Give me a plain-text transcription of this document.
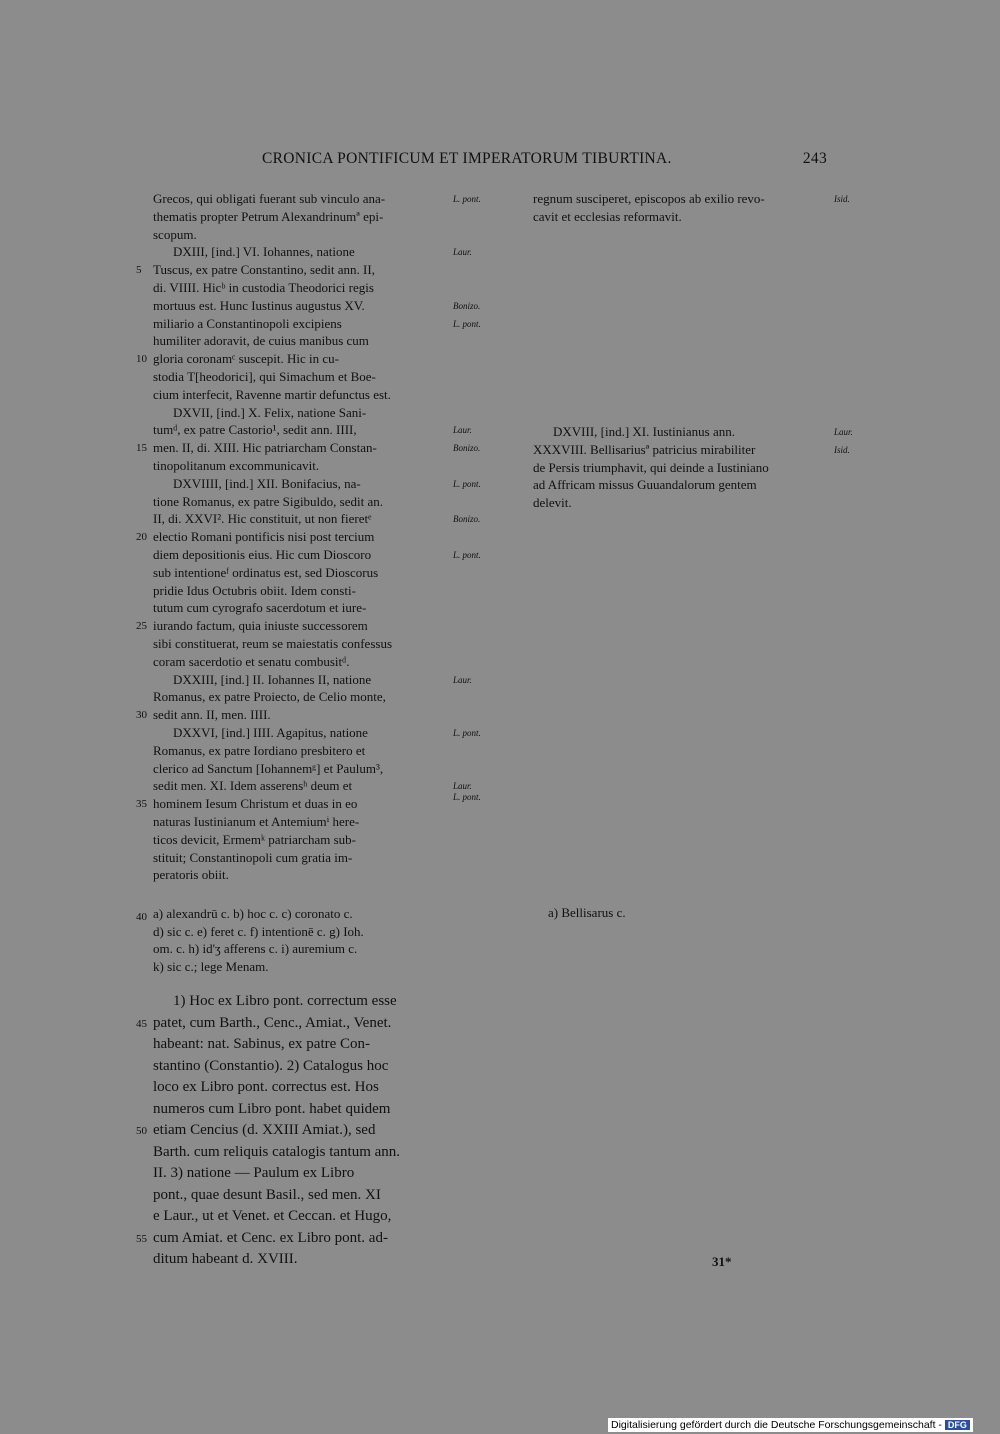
CRONICA PONTIFICUM ET IMPERATORUM TIBURTINA.	243
Grecos, qui obligati fuerant sub vinculo ana-
thematis propter Petrum Alexandrinumª epi-
scopum.
DXIII, [ind.] VI. Iohannes, natione
Tuscus, ex patre Constantino, sedit ann. II,
di. VIIII. Hicᵇ in custodia Theodorici regis
mortuus est. Hunc Iustinus augustus XV.
miliario a Constantinopoli excipiens
humiliter adoravit, de cuius manibus cum
gloria coronamᶜ suscepit. Hic in cu-
stodia T[heodorici], qui Simachum et Boe-
cium interfecit, Ravenne martir defunctus est.
DXVII, [ind.] X. Felix, natione Sani-
tumᵈ, ex patre Castorio¹, sedit ann. IIII,
men. II, di. XIII. Hic patriarcham Constan-
tinopolitanum excommunicavit.
DXVIIII, [ind.] XII. Bonifacius, na-
tione Romanus, ex patre Sigibuldo, sedit an.
II, di. XXVI². Hic constituit, ut non fieretᵉ
electio Romani pontificis nisi post tercium
diem depositionis eius. Hic cum Dioscoro
sub intentioneᶠ ordinatus est, sed Dioscorus
pridie Idus Octubris obiit. Idem consti-
tutum cum cyrografo sacerdotum et iure-
iurando factum, quia iniuste successorem
sibi constituerat, reum se maiestatis confessus
coram sacerdotio et senatu combusitᵈ.
DXXIII, [ind.] II. Iohannes II, natione
Romanus, ex patre Proiecto, de Celio monte,
sedit ann. II, men. IIII.
DXXVI, [ind.] IIII. Agapitus, natione
Romanus, ex patre Iordiano presbitero et
clerico ad Sanctum [Iohannemᵍ] et Paulum³,
sedit men. XI. Idem asserensʰ deum et
hominem Iesum Christum et duas in eo
naturas Iustinianum et Antemiumⁱ here-
ticos devicit, Ermemᵏ patriarcham sub-
stituit; Constantinopoli cum gratia im-
peratoris obiit.
5
10
15
20
25
30
35
40
45
50
55
L. pont.
Laur.
Bonizo.
L. pont.
Laur.
Bonizo.
L. pont.
Bonizo.
L. pont.
Laur.
L. pont.
Laur.
L. pont.
regnum susciperet, episcopos ab exilio revo-
cavit et ecclesias reformavit.
DXVIII, [ind.] XI. Iustinianus ann.
XXXVIII. Bellisariusª patricius mirabiliter
de Persis triumphavit, qui deinde a Iustiniano
ad Affricam missus Guuandalorum gentem
delevit.
Isid.
Laur.
Isid.
a) alexandrū c. b) hoc c. c) coronato c.
d) sic c. e) feret c. f) intentionē c. g) Ioh.
om. c. h) id'ʒ afferens c. i) auremium c.
k) sic c.; lege Menam.
a) Bellisarus c.
1) Hoc ex Libro pont. correctum esse
patet, cum Barth., Cenc., Amiat., Venet.
habeant: nat. Sabinus, ex patre Con-
stantino (Constantio). 2) Catalogus hoc
loco ex Libro pont. correctus est. Hos
numeros cum Libro pont. habet quidem
etiam Cencius (d. XXIII Amiat.), sed
Barth. cum reliquis catalogis tantum ann.
II. 3) natione — Paulum ex Libro
pont., quae desunt Basil., sed men. XI
e Laur., ut et Venet. et Ceccan. et Hugo,
cum Amiat. et Cenc. ex Libro pont. ad-
ditum habeant d. XVIII.	31*
Digitalisierung gefördert durch die Deutsche Forschungsgemeinschaft - DFG
